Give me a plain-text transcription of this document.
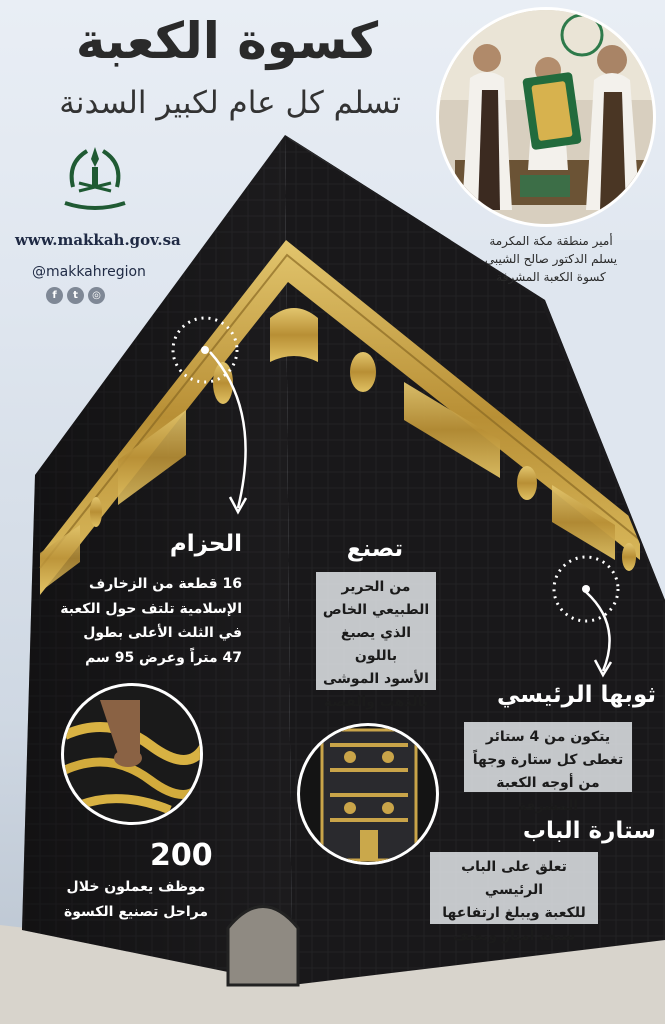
كسوة الكعبة
تسلم كل عام لكبير السدنة
www.makkah.gov.sa
@makkahregion
f	t	◎
أمير منطقة مكة المكرمة
يسلم الدكتور صالح الشيبي
كسوة الكعبة المشرفة
الحزام
16 قطعة من الزخارف
الإسلامية تلتف حول الكعبة
في الثلث الأعلى بطول
47 متراً وعرض 95 سم
تصنع
من الحرير
الطبيعي الخاص
الذي يصبغ باللون
الأسود الموشى
بالذهب والفضة	ثوبها الرئيسي
يتكون من 4 ستائر
تغطى كل ستارة وجهاً
من أوجه الكعبة المشرفة
ستارة الباب
تعلق على الباب الرئيسي
للكعبة ويبلغ ارتفاعها
سبعة أمتار ونصف
200
موظف يعملون خلال
مراحل تصنيع الكسوة
